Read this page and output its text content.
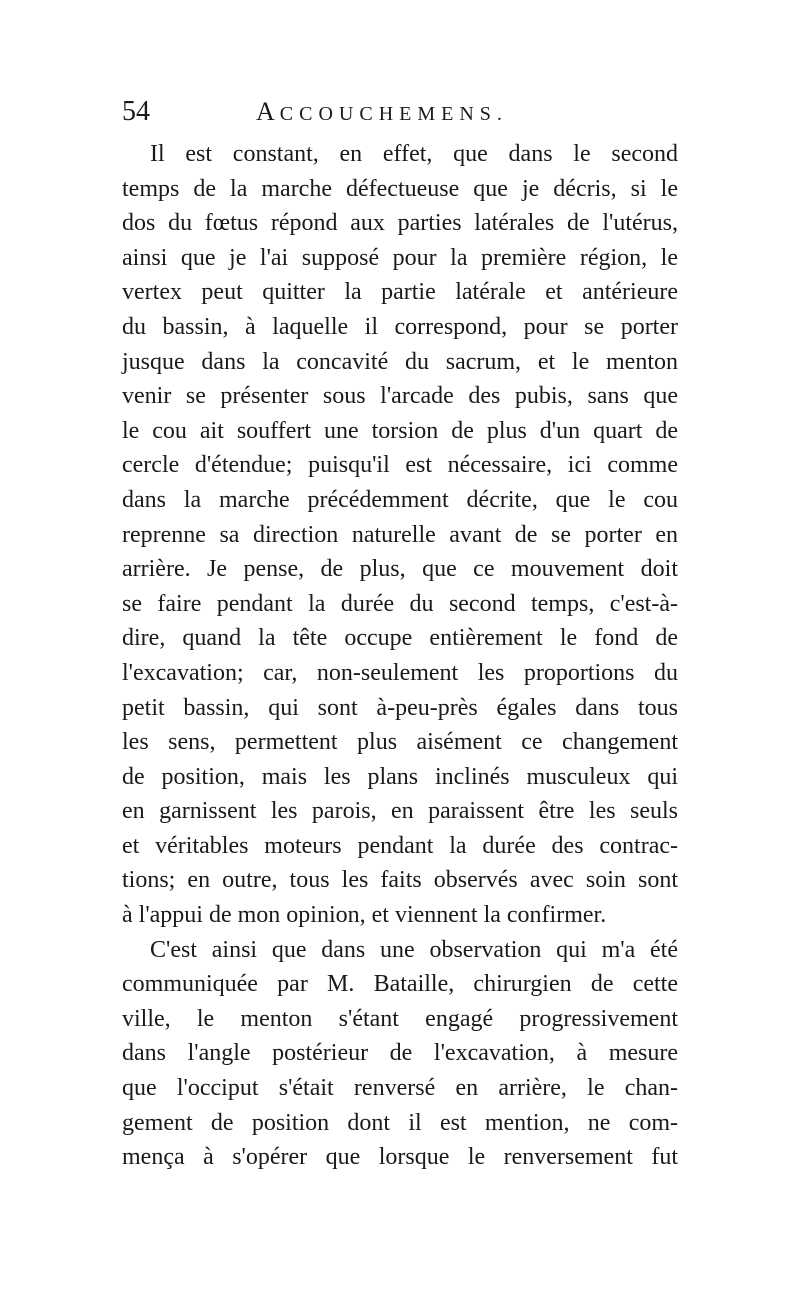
54	ACCOUCHEMENS.
Il est constant, en effet, que dans le second
temps de la marche défectueuse que je décris, si le
dos du fœtus répond aux parties latérales de l'utérus,
ainsi que je l'ai supposé pour la première région, le
vertex peut quitter la partie latérale et antérieure
du bassin, à laquelle il correspond, pour se porter
jusque dans la concavité du sacrum, et le menton
venir se présenter sous l'arcade des pubis, sans que
le cou ait souffert une torsion de plus d'un quart de
cercle d'étendue; puisqu'il est nécessaire, ici comme
dans la marche précédemment décrite, que le cou
reprenne sa direction naturelle avant de se porter en
arrière. Je pense, de plus, que ce mouvement doit
se faire pendant la durée du second temps, c'est-à-
dire, quand la tête occupe entièrement le fond de
l'excavation; car, non-seulement les proportions du
petit bassin, qui sont à-peu-près égales dans tous
les sens, permettent plus aisément ce changement
de position, mais les plans inclinés musculeux qui
en garnissent les parois, en paraissent être les seuls
et véritables moteurs pendant la durée des contrac-
tions; en outre, tous les faits observés avec soin sont
à l'appui de mon opinion, et viennent la confirmer.
C'est ainsi que dans une observation qui m'a été
communiquée par M. Bataille, chirurgien de cette
ville, le menton s'étant engagé progressivement
dans l'angle postérieur de l'excavation, à mesure
que l'occiput s'était renversé en arrière, le chan-
gement de position dont il est mention, ne com-
mença à s'opérer que lorsque le renversement fut
